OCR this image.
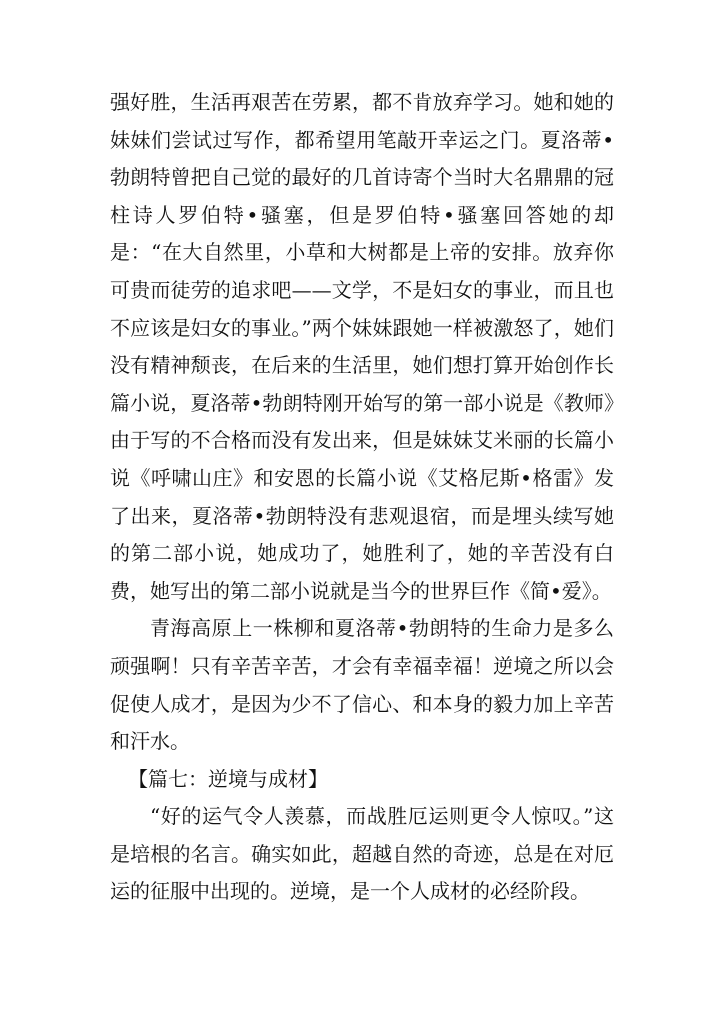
强好胜，生活再艰苦在劳累，都不肯放弃学习。她和她的妹妹们尝试过写作，都希望用笔敲开幸运之门。夏洛蒂•勃朗特曾把自己觉的最好的几首诗寄个当时大名鼎鼎的冠柱诗人罗伯特•骚塞，但是罗伯特•骚塞回答她的却是：“在大自然里，小草和大树都是上帝的安排。放弃你可贵而徒劳的追求吧——文学，不是妇女的事业，而且也不应该是妇女的事业。”两个妹妹跟她一样被激怒了，她们没有精神颓丧，在后来的生活里，她们想打算开始创作长篇小说，夏洛蒂•勃朗特刚开始写的第一部小说是《教师》由于写的不合格而没有发出来，但是妹妹艾米丽的长篇小说《呼啸山庄》和安恩的长篇小说《艾格尼斯•格雷》发了出来，夏洛蒂•勃朗特没有悲观退宿，而是埋头续写她的第二部小说，她成功了，她胜利了，她的辛苦没有白费，她写出的第二部小说就是当今的世界巨作《简•爱》。

青海高原上一株柳和夏洛蒂•勃朗特的生命力是多么顽强啊！只有辛苦辛苦，才会有幸福幸福！逆境之所以会促使人成才，是因为少不了信心、和本身的毅力加上辛苦和汗水。

【篇七：逆境与成材】

“好的运气令人羡慕，而战胜厄运则更令人惊叹。”这是培根的名言。确实如此，超越自然的奇迹，总是在对厄运的征服中出现的。逆境，是一个人成材的必经阶段。
